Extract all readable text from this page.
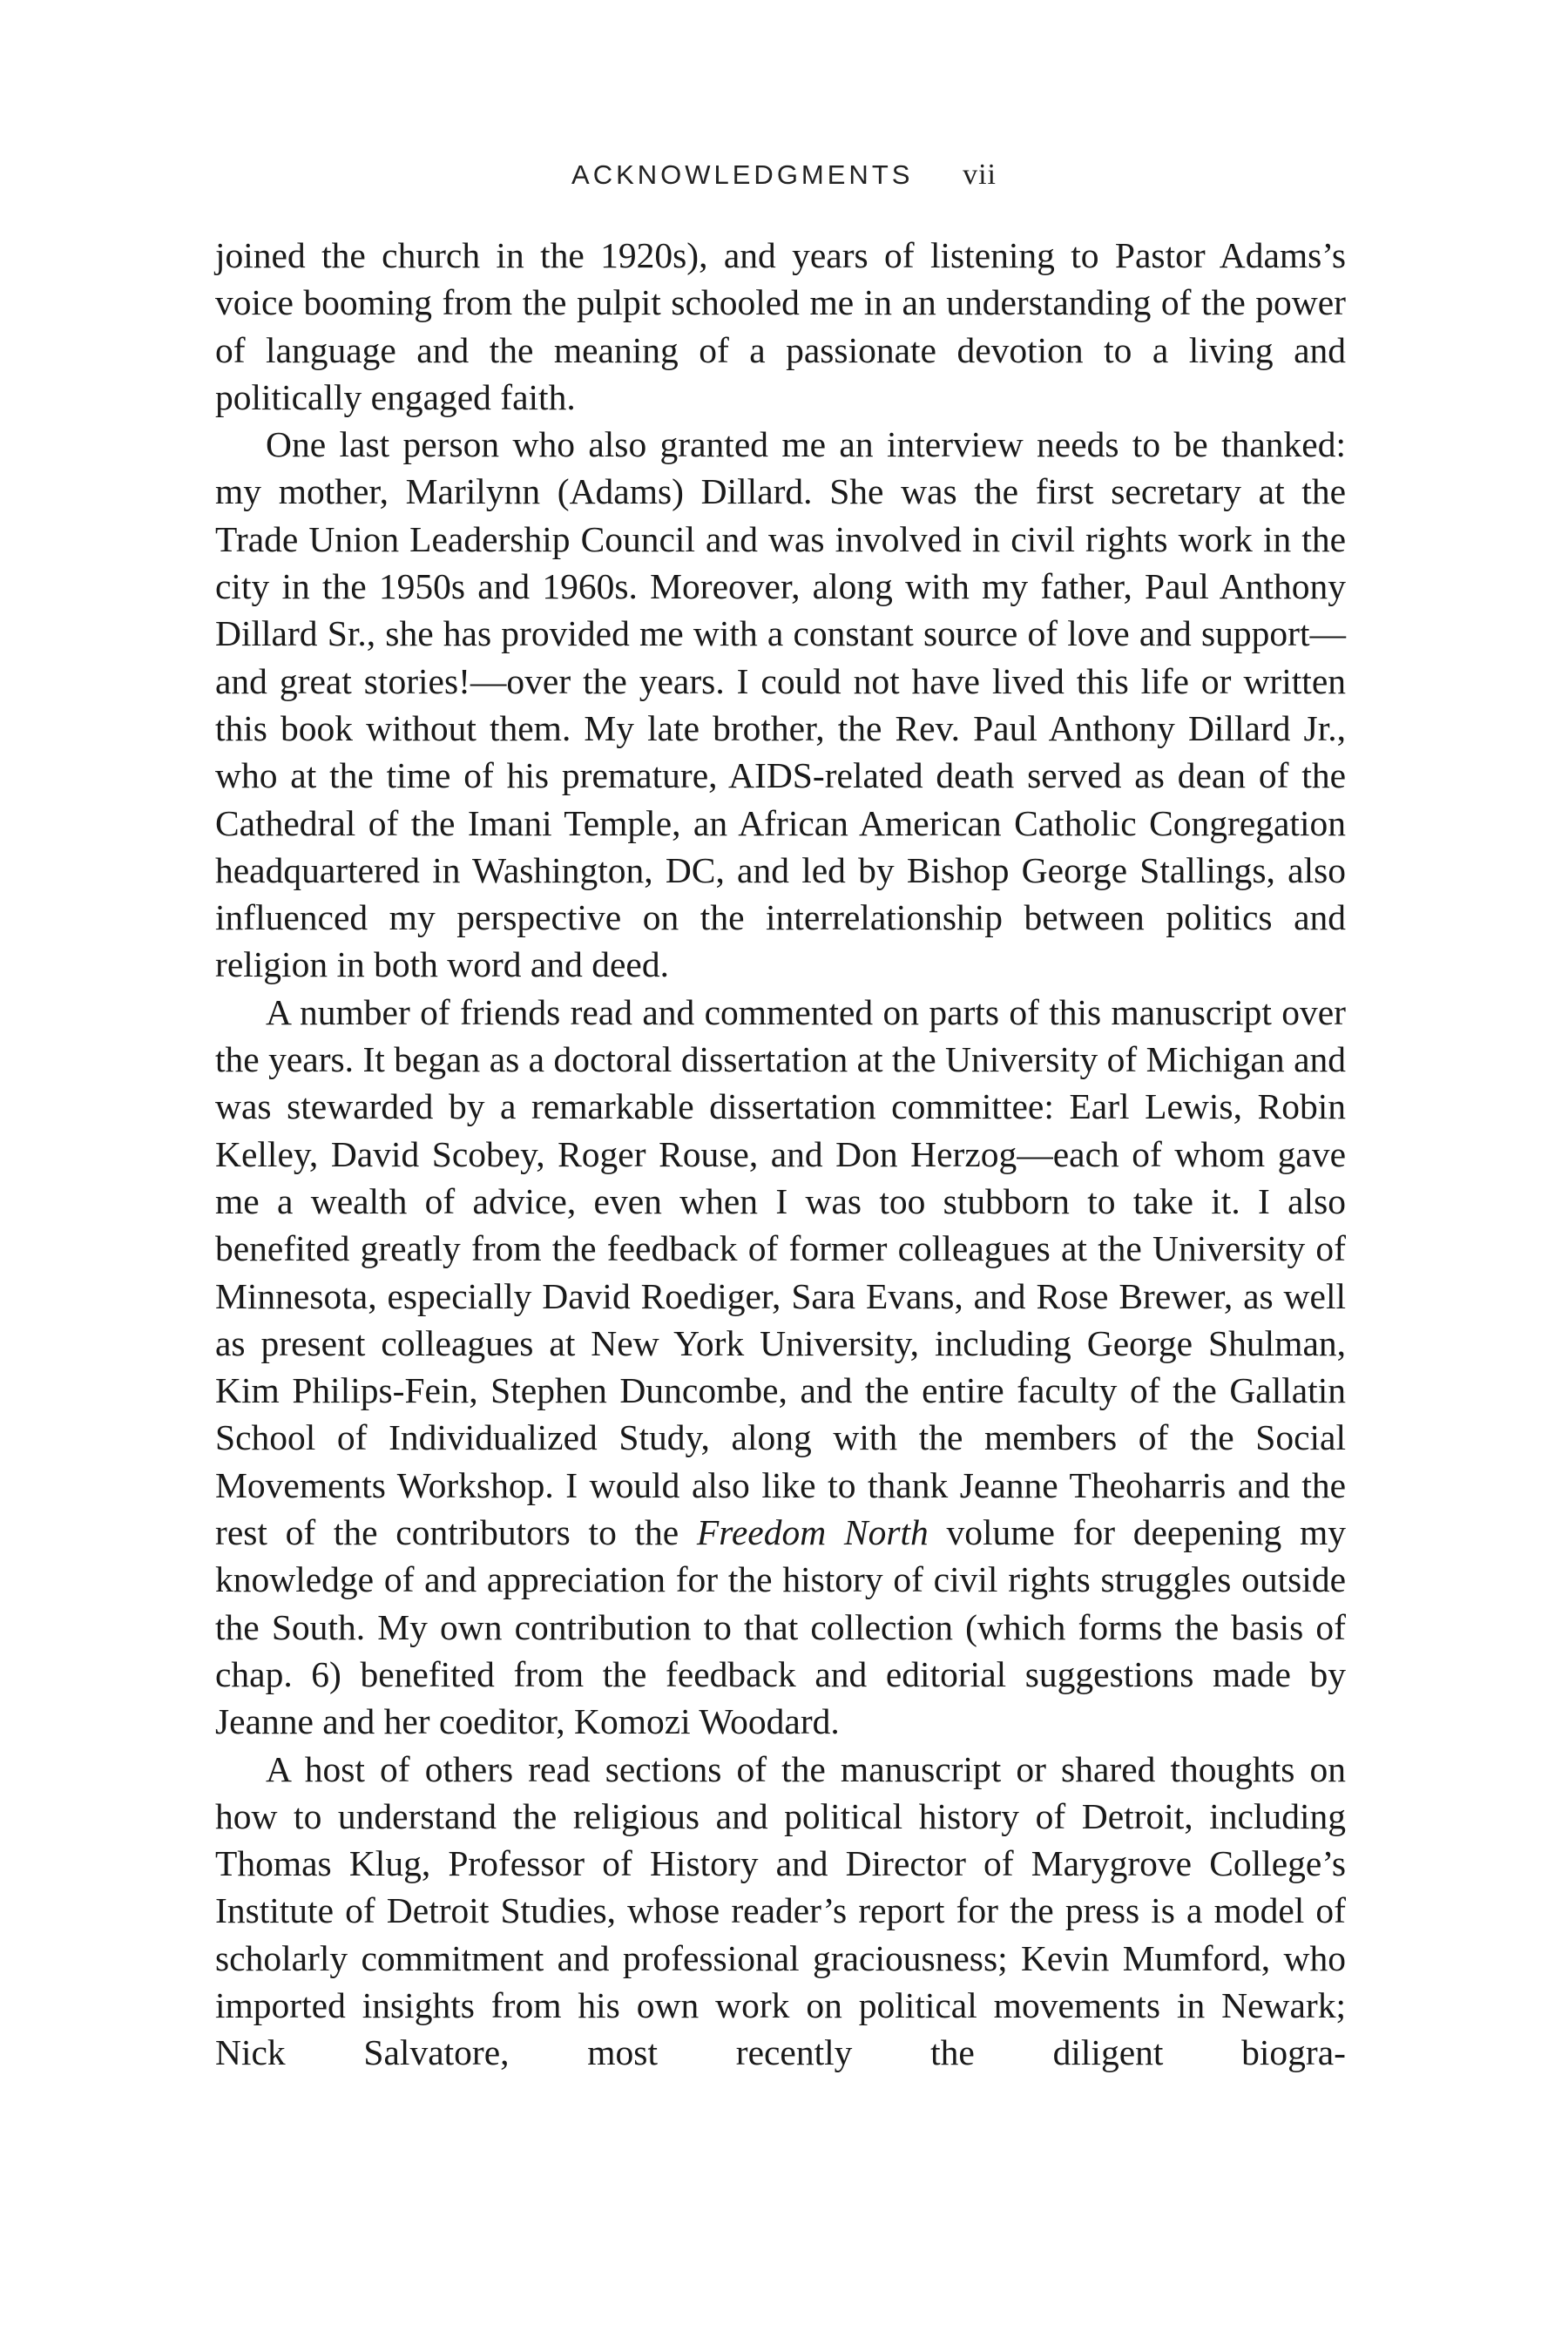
ACKNOWLEDGMENTS vii

joined the church in the 1920s), and years of listening to Pastor Adams’s voice booming from the pulpit schooled me in an understanding of the power of language and the meaning of a passionate devotion to a living and politically engaged faith.

One last person who also granted me an interview needs to be thanked: my mother, Marilynn (Adams) Dillard. She was the first secretary at the Trade Union Leadership Council and was involved in civil rights work in the city in the 1950s and 1960s. Moreover, along with my father, Paul Anthony Dillard Sr., she has provided me with a constant source of love and support—and great stories!—over the years. I could not have lived this life or written this book without them. My late brother, the Rev. Paul Anthony Dillard Jr., who at the time of his premature, AIDS-related death served as dean of the Cathedral of the Imani Temple, an African American Catholic Congregation headquartered in Washington, DC, and led by Bishop George Stallings, also influenced my perspective on the interrelationship between politics and religion in both word and deed.

A number of friends read and commented on parts of this manuscript over the years. It began as a doctoral dissertation at the University of Michigan and was stewarded by a remarkable dissertation committee: Earl Lewis, Robin Kelley, David Scobey, Roger Rouse, and Don Herzog—each of whom gave me a wealth of advice, even when I was too stubborn to take it. I also benefited greatly from the feedback of former colleagues at the University of Minnesota, especially David Roediger, Sara Evans, and Rose Brewer, as well as present colleagues at New York University, including George Shulman, Kim Philips-Fein, Stephen Duncombe, and the entire faculty of the Gallatin School of Individualized Study, along with the members of the Social Movements Workshop. I would also like to thank Jeanne Theoharris and the rest of the contributors to the Freedom North volume for deepening my knowledge of and appreciation for the history of civil rights struggles outside the South. My own contribution to that collection (which forms the basis of chap. 6) benefited from the feedback and editorial suggestions made by Jeanne and her coeditor, Komozi Woodard.

A host of others read sections of the manuscript or shared thoughts on how to understand the religious and political history of Detroit, including Thomas Klug, Professor of History and Director of Marygrove College’s Institute of Detroit Studies, whose reader’s report for the press is a model of scholarly commitment and professional graciousness; Kevin Mumford, who imported insights from his own work on political movements in Newark; Nick Salvatore, most recently the diligent biogra-
